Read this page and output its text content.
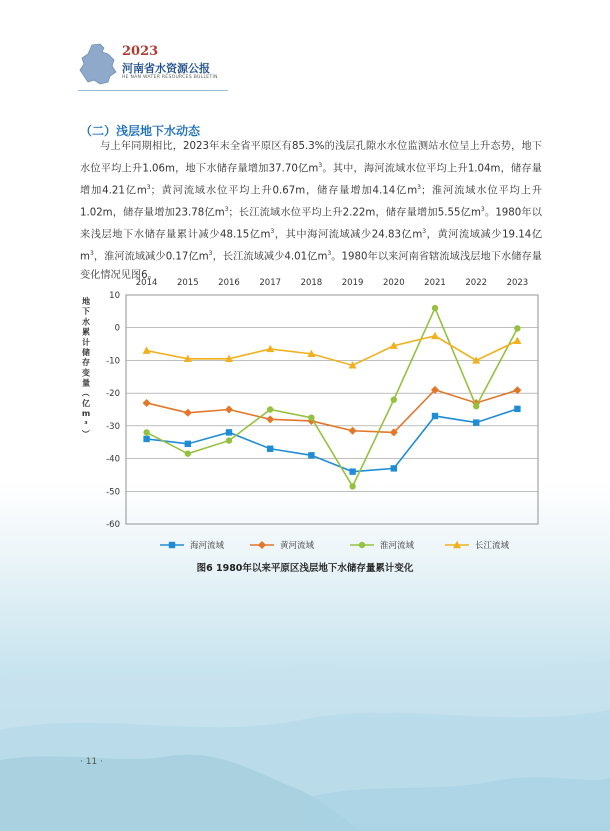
2023
河南省水资源公报
HE NAN WATER RESOURCES BULLETIN
（二）浅层地下水动态
与上年同期相比，2023年末全省平原区有85.3%的浅层孔隙水水位监测站水位呈上升态势，地下水位平均上升1.06m，地下水储存量增加37.70亿$m^3$。其中，海河流域水位平均上升1.04m，储存量增加4.21亿$m^3$；黄河流域水位平均上升0.67m，储存量增加4.14亿$m^3$；淮河流域水位平均上升1.02m，储存量增加23.78亿$m^3$；长江流域水位平均上升2.22m，储存量增加5.55亿$m^3$。1980年以来浅层地下水储存量累计减少48.15亿$m^3$，其中海河流域减少24.83亿$m^3$，黄河流域减少19.14亿$m^3$，淮河流域减少0.17亿$m^3$，长江流域减少4.01亿$m^3$。1980年以来河南省辖流域浅层地下水储存量变化情况见图6。
10
0
-10
-20
-30
-40
-50
-60
2014 2015 2016 2017 2018 2019 2020 2021 2022 2023
地
下
水
累
计
储
存
变
量
（
亿
m
³
）
海河流域	黄河流域	淮河流域	长江流域
图6 1980年以来平原区浅层地下水储存量累计变化
· 11 ·
